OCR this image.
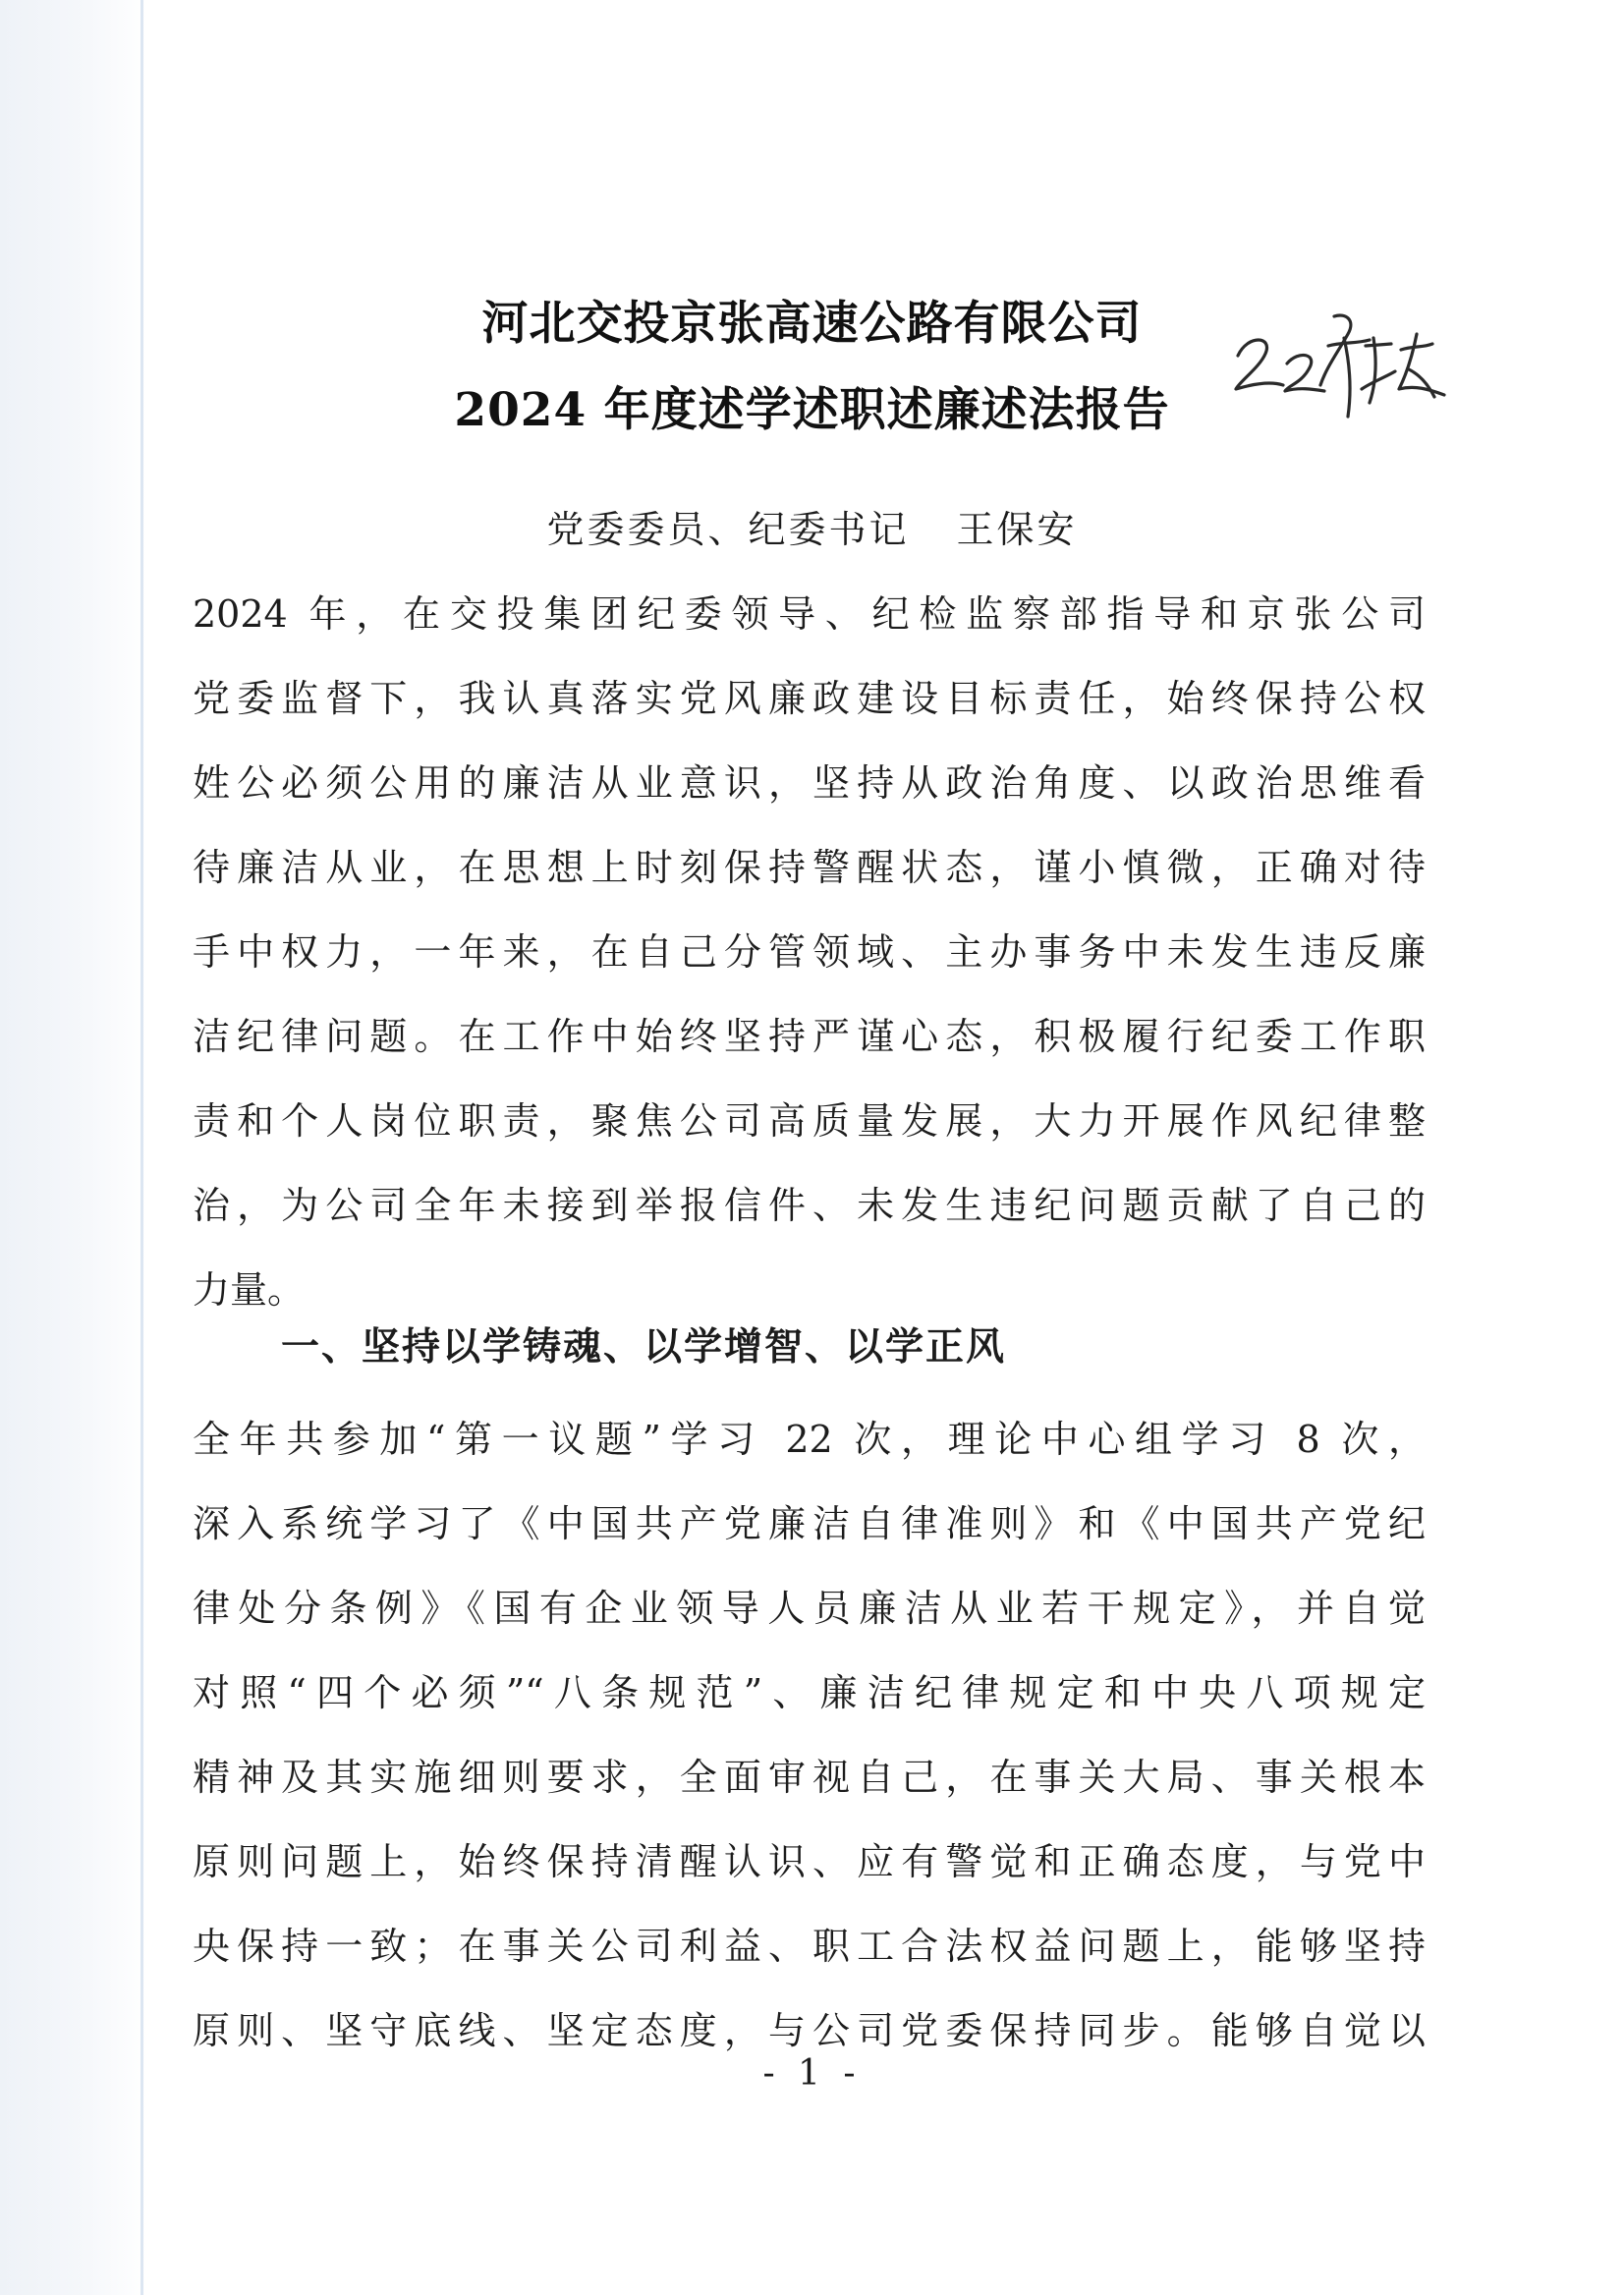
河北交投京张高速公路有限公司
2024 年度述学述职述廉述法报告
党委委员、纪委书记 王保安
2024 年，在交投集团纪委领导、纪检监察部指导和京张公司
党委监督下，我认真落实党风廉政建设目标责任，始终保持公权
姓公必须公用的廉洁从业意识，坚持从政治角度、以政治思维看
待廉洁从业，在思想上时刻保持警醒状态，谨小慎微，正确对待
手中权力，一年来，在自己分管领域、主办事务中未发生违反廉
洁纪律问题。在工作中始终坚持严谨心态，积极履行纪委工作职
责和个人岗位职责，聚焦公司高质量发展，大力开展作风纪律整
治，为公司全年未接到举报信件、未发生违纪问题贡献了自己的
力量。
一、坚持以学铸魂、以学增智、以学正风
全年共参加“第一议题”学习 22 次，理论中心组学习 8 次，
深入系统学习了《中国共产党廉洁自律准则》和《中国共产党纪
律处分条例》《国有企业领导人员廉洁从业若干规定》，并自觉
对照“四个必须”“八条规范”、廉洁纪律规定和中央八项规定
精神及其实施细则要求，全面审视自己，在事关大局、事关根本
原则问题上，始终保持清醒认识、应有警觉和正确态度，与党中
央保持一致；在事关公司利益、职工合法权益问题上，能够坚持
原则、坚守底线、坚定态度，与公司党委保持同步。能够自觉以
- 1 -
